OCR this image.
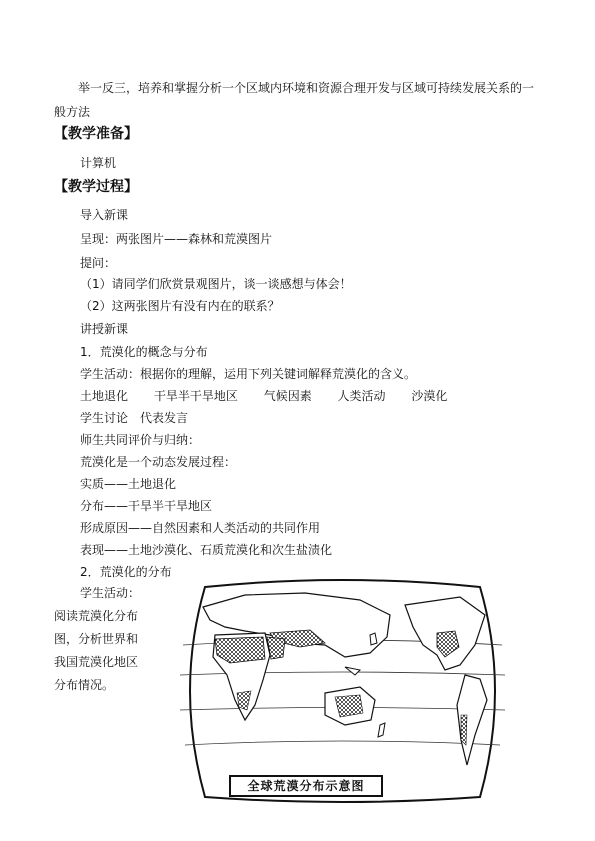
举一反三，培养和掌握分析一个区域内环境和资源合理开发与区域可持续发展关系的一
般方法
【教学准备】
计算机
【教学过程】
导入新课
呈现：两张图片——森林和荒漠图片
提问：
（1）请同学们欣赏景观图片，谈一谈感想与体会！
（2）这两张图片有没有内在的联系？
讲授新课
1．荒漠化的概念与分布
学生活动：根据你的理解，运用下列关键词解释荒漠化的含义。
土地退化 干旱半干旱地区 气候因素 人类活动 沙漠化
学生讨论　代表发言
师生共同评价与归纳：
荒漠化是一个动态发展过程：
实质——土地退化
分布——干旱半干旱地区
形成原因——自然因素和人类活动的共同作用
表现——土地沙漠化、石质荒漠化和次生盐渍化
2．荒漠化的分布
学生活动：
阅读荒漠化分布
图，分析世界和
我国荒漠化地区
分布情况。
全球荒漠分布示意图
